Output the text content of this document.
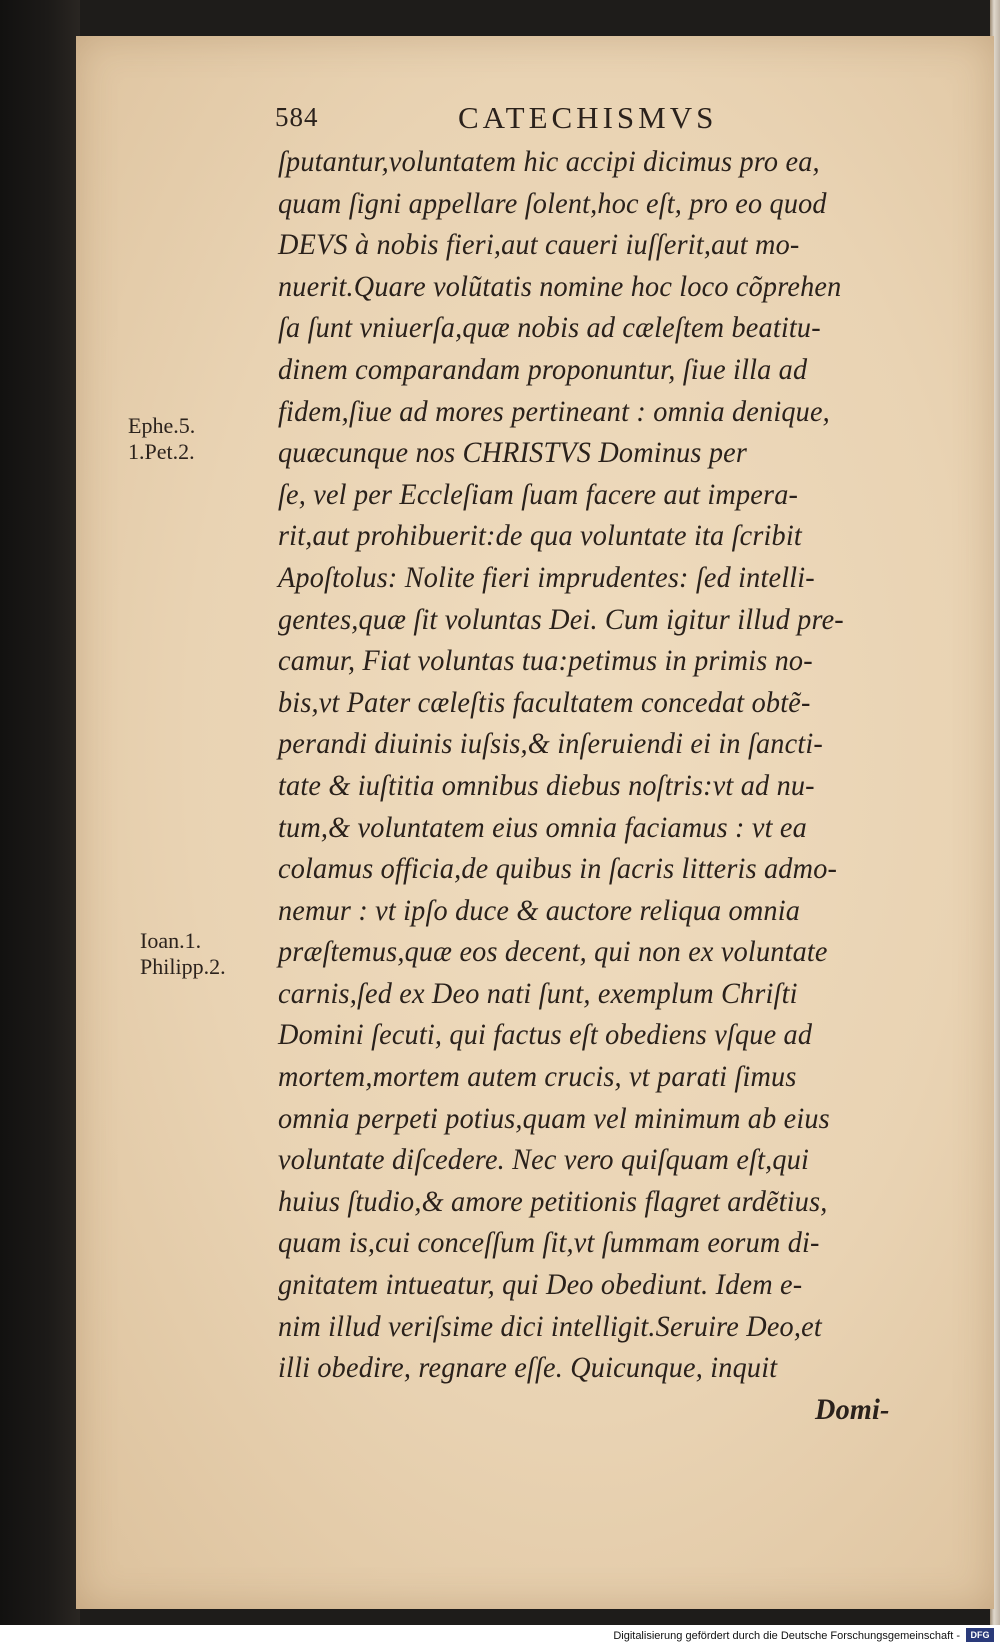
584	CATECHISMVS
Ephe.5.
1.Pet.2.
Ioan.1.
Philipp.2.
ſputantur,voluntatem hic accipi dicimus pro ea,
quam ſigni appellare ſolent,hoc eſt, pro eo quod
DEVS à nobis fieri,aut caueri iuſſerit,aut mo-
nuerit.Quare volũtatis nomine hoc loco cõprehen
ſa ſunt vniuerſa,quæ nobis ad cæleſtem beatitu-
dinem comparandam proponuntur, ſiue illa ad
fidem,ſiue ad mores pertineant : omnia denique,
quæcunque nos CHRISTVS Dominus per
ſe, vel per Eccleſiam ſuam facere aut impera-
rit,aut prohibuerit:de qua voluntate ita ſcribit
Apoſtolus: Nolite fieri imprudentes: ſed intelli-
gentes,quæ ſit voluntas Dei. Cum igitur illud pre-
camur, Fiat voluntas tua:petimus in primis no-
bis,vt Pater cæleſtis facultatem concedat obtẽ-
perandi diuinis iuſsis,& inſeruiendi ei in ſancti-
tate & iuſtitia omnibus diebus noſtris:vt ad nu-
tum,& voluntatem eius omnia faciamus : vt ea
colamus officia,de quibus in ſacris litteris admo-
nemur : vt ipſo duce & auctore reliqua omnia
præſtemus,quæ eos decent, qui non ex voluntate
carnis,ſed ex Deo nati ſunt, exemplum Chriſti
Domini ſecuti, qui factus eſt obediens vſque ad
mortem,mortem autem crucis, vt parati ſimus
omnia perpeti potius,quam vel minimum ab eius
voluntate diſcedere. Nec vero quiſquam eſt,qui
huius ſtudio,& amore petitionis flagret ardẽtius,
quam is,cui conceſſum ſit,vt ſummam eorum di-
gnitatem intueatur, qui Deo obediunt. Idem e-
nim illud veriſsime dici intelligit.Seruire Deo,et
illi obedire, regnare eſſe. Quicunque, inquit
Domi-
Digitalisierung gefördert durch die Deutsche Forschungsgemeinschaft -	DFG
